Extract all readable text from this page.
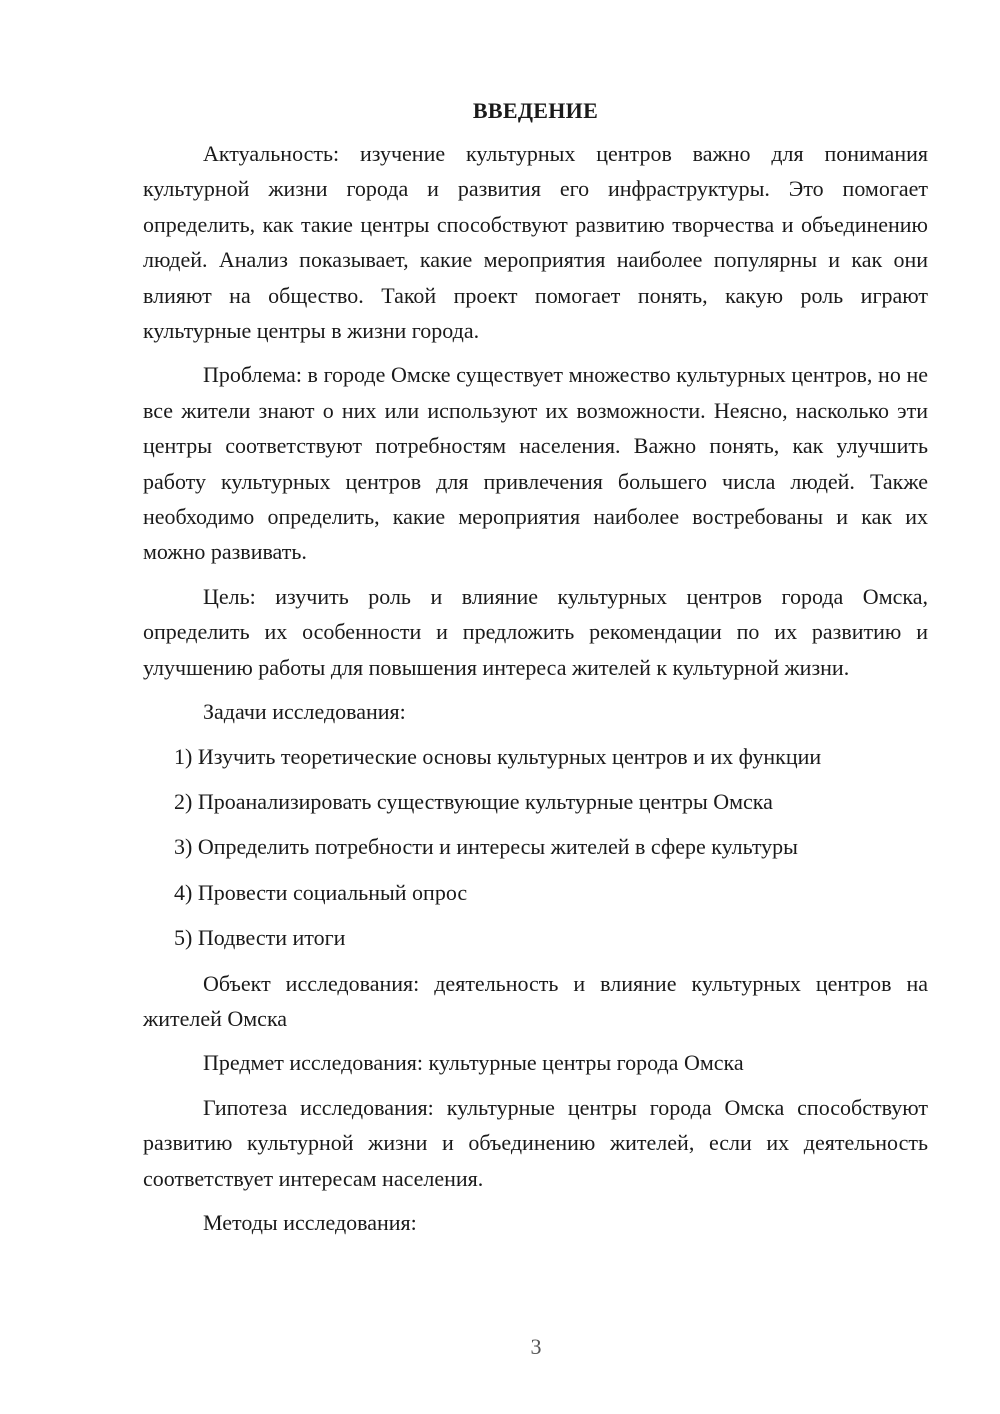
ВВЕДЕНИЕ

Актуальность: изучение культурных центров важно для понимания культурной жизни города и развития его инфраструктуры. Это помогает определить, как такие центры способствуют развитию творчества и объединению людей. Анализ показывает, какие мероприятия наиболее популярны и как они влияют на общество. Такой проект помогает понять, какую роль играют культурные центры в жизни города.

Проблема: в городе Омске существует множество культурных центров, но не все жители знают о них или используют их возможности. Неясно, насколько эти центры соответствуют потребностям населения. Важно понять, как улучшить работу культурных центров для привлечения большего числа людей. Также необходимо определить, какие мероприятия наиболее востребованы и как их можно развивать.

Цель: изучить роль и влияние культурных центров города Омска, определить их особенности и предложить рекомендации по их развитию и улучшению работы для повышения интереса жителей к культурной жизни.

Задачи исследования:

1) Изучить теоретические основы культурных центров и их функции
2) Проанализировать существующие культурные центры Омска
3) Определить потребности и интересы жителей в сфере культуры
4) Провести социальный опрос
5) Подвести итоги

Объект исследования: деятельность и влияние культурных центров на жителей Омска

Предмет исследования: культурные центры города Омска

Гипотеза исследования: культурные центры города Омска способствуют развитию культурной жизни и объединению жителей, если их деятельность соответствует интересам населения.

Методы исследования:

3
